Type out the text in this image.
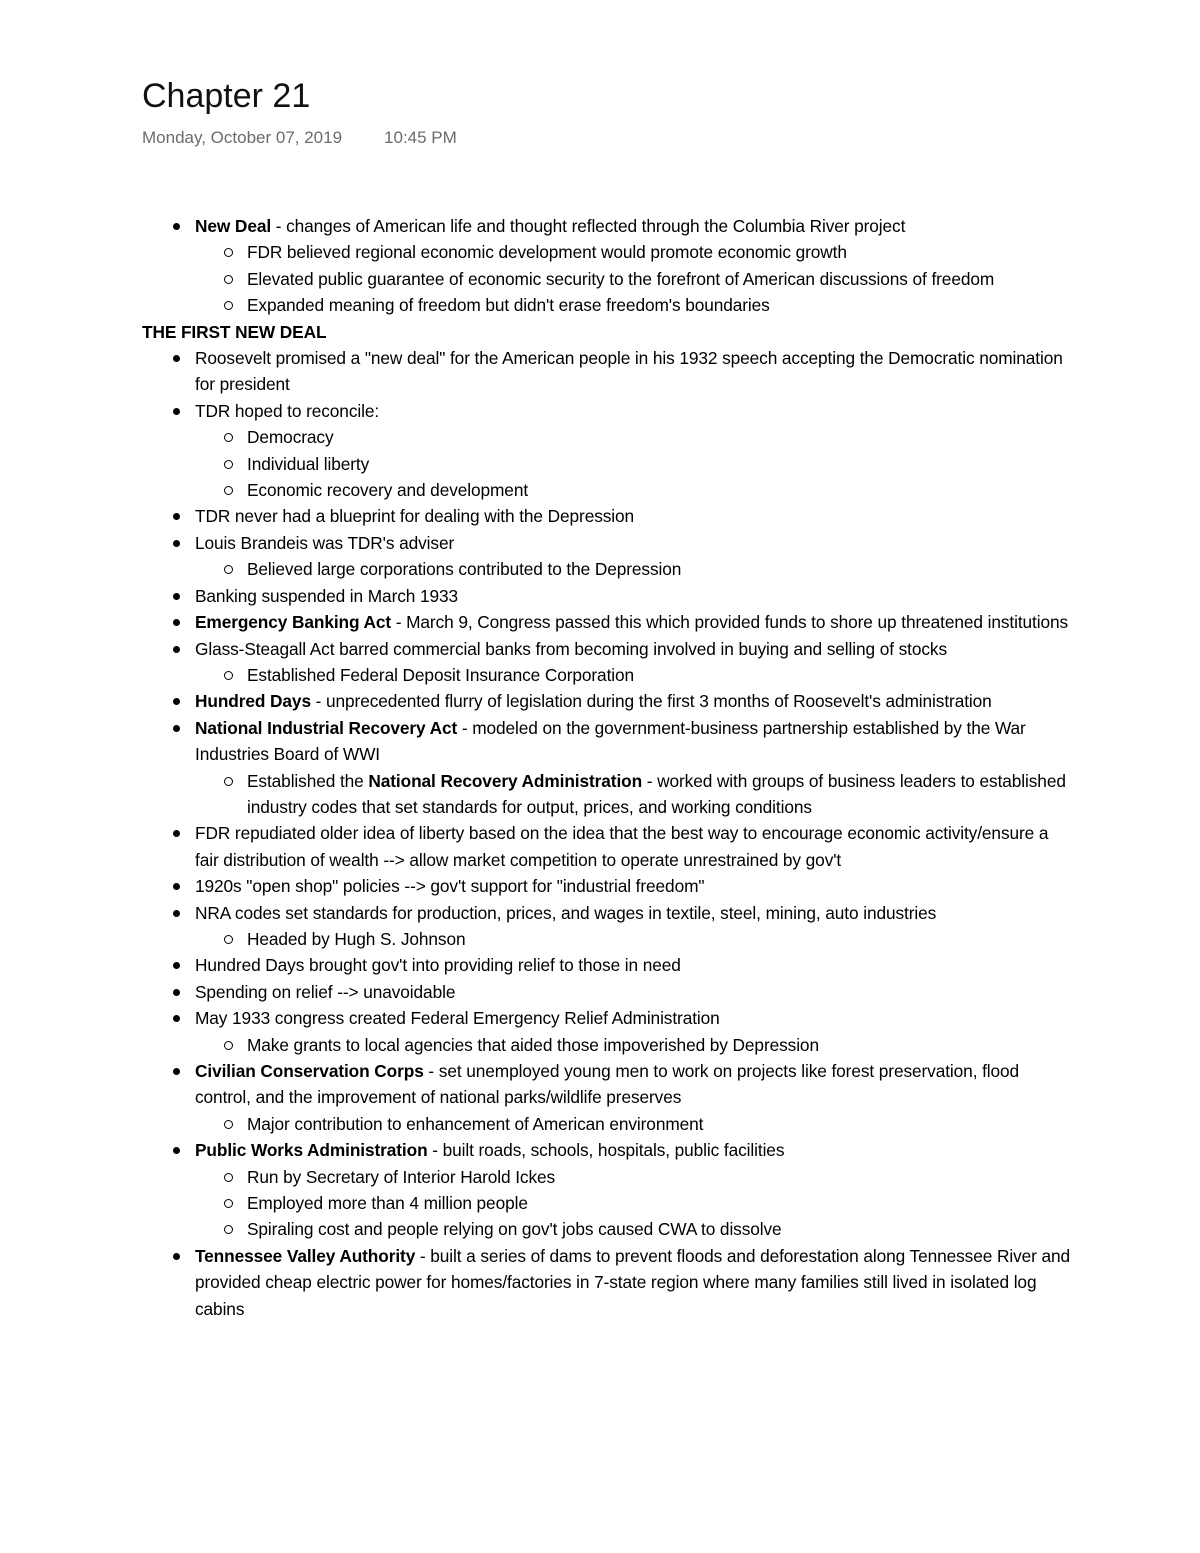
Chapter 21
Monday, October 07, 2019 10:45 PM

New Deal - changes of American life and thought reflected through the Columbia River project

FDR believed regional economic development would promote economic growth

Elevated public guarantee of economic security to the forefront of American discussions of freedom

Expanded meaning of freedom but didn't erase freedom's boundaries

THE FIRST NEW DEAL

Roosevelt promised a "new deal" for the American people in his 1932 speech accepting the Democratic nomination for president

TDR hoped to reconcile:

Democracy

Individual liberty

Economic recovery and development

TDR never had a blueprint for dealing with the Depression

Louis Brandeis was TDR's adviser

Believed large corporations contributed to the Depression

Banking suspended in March 1933

Emergency Banking Act - March 9, Congress passed this which provided funds to shore up threatened institutions

Glass-Steagall Act barred commercial banks from becoming involved in buying and selling of stocks

Established Federal Deposit Insurance Corporation

Hundred Days - unprecedented flurry of legislation during the first 3 months of Roosevelt's administration

National Industrial Recovery Act - modeled on the government-business partnership established by the War Industries Board of WWI

Established the National Recovery Administration - worked with groups of business leaders to established industry codes that set standards for output, prices, and working conditions

FDR repudiated older idea of liberty based on the idea that the best way to encourage economic activity/ensure a fair distribution of wealth --> allow market competition to operate unrestrained by gov't

1920s "open shop" policies --> gov't support for "industrial freedom"

NRA codes set standards for production, prices, and wages in textile, steel, mining, auto industries

Headed by Hugh S. Johnson

Hundred Days brought gov't into providing relief to those in need

Spending on relief --> unavoidable

May 1933 congress created Federal Emergency Relief Administration

Make grants to local agencies that aided those impoverished by Depression

Civilian Conservation Corps - set unemployed young men to work on projects like forest preservation, flood control, and the improvement of national parks/wildlife preserves

Major contribution to enhancement of American environment

Public Works Administration - built roads, schools, hospitals, public facilities

Run by Secretary of Interior Harold Ickes

Employed more than 4 million people

Spiraling cost and people relying on gov't jobs caused CWA to dissolve

Tennessee Valley Authority - built a series of dams to prevent floods and deforestation along Tennessee River and provided cheap electric power for homes/factories in 7-state region where many families still lived in isolated log cabins
